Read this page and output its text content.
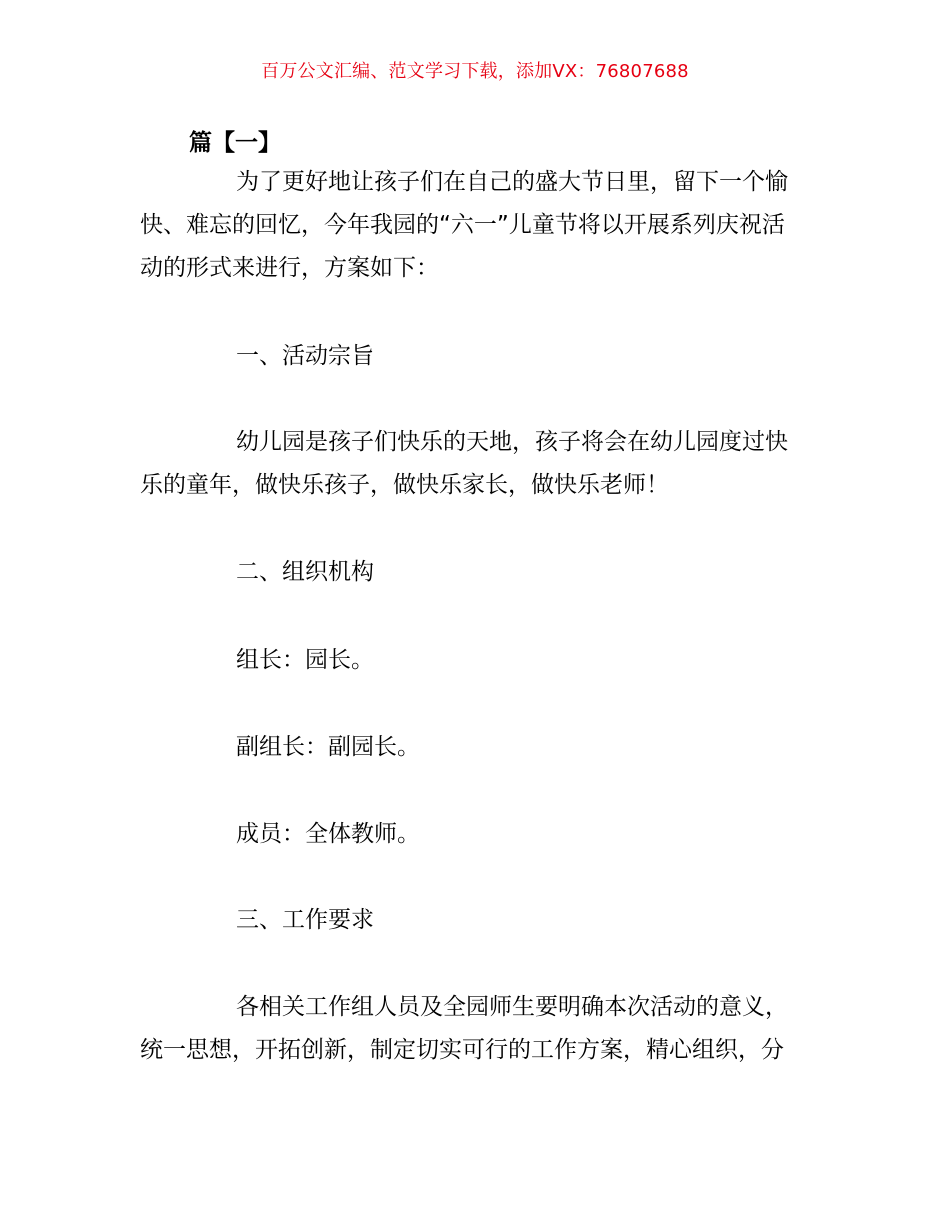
百万公文汇编、范文学习下载，添加VX：76807688
篇【一】

为了更好地让孩子们在自己的盛大节日里，留下一个愉快、难忘的回忆，今年我园的“六一”儿童节将以开展系列庆祝活动的形式来进行，方案如下：

一、活动宗旨

幼儿园是孩子们快乐的天地，孩子将会在幼儿园度过快乐的童年，做快乐孩子，做快乐家长，做快乐老师！

二、组织机构

组长：园长。

副组长：副园长。

成员：全体教师。

三、工作要求

各相关工作组人员及全园师生要明确本次活动的意义，统一思想，开拓创新，制定切实可行的工作方案，精心组织，分
